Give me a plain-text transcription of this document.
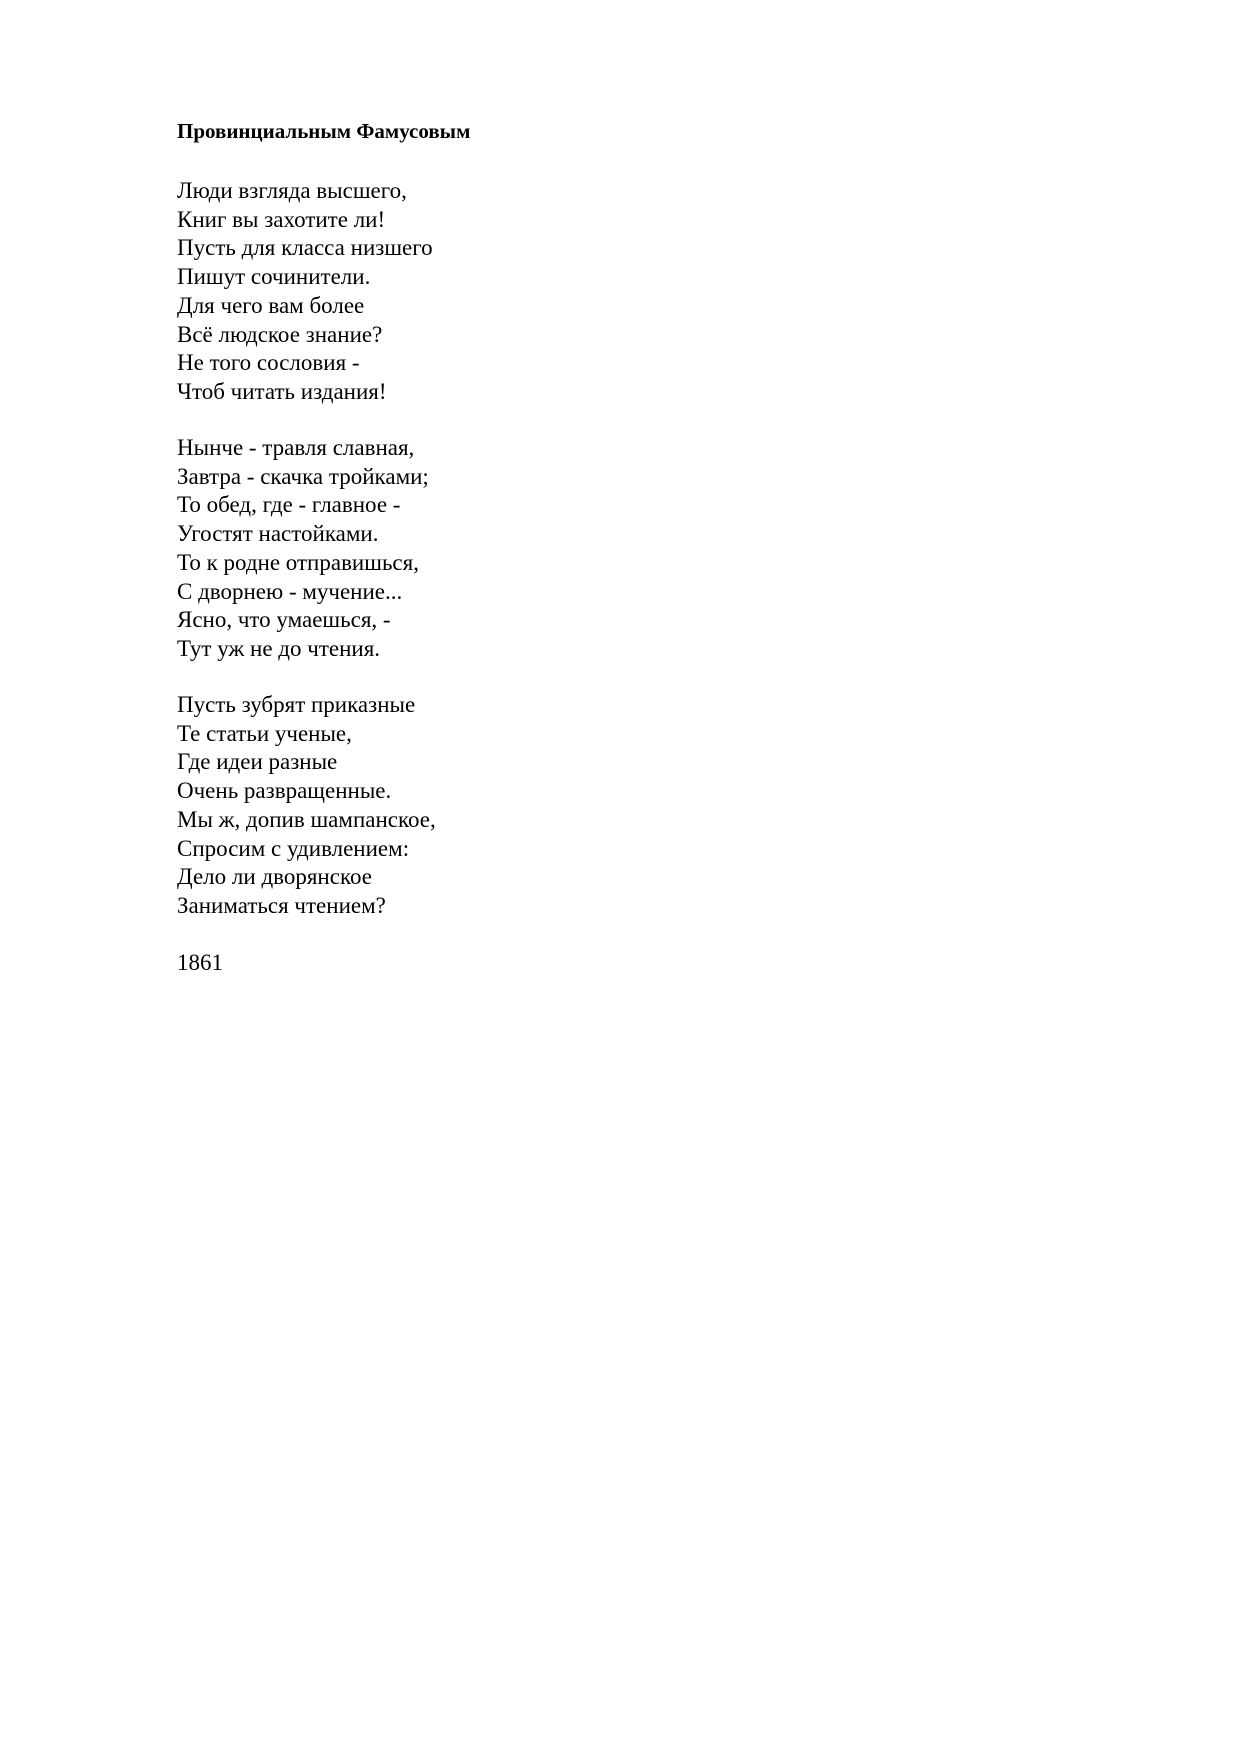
Провинциальным Фамусовым
Люди взгляда высшего,
Книг вы захотите ли!
Пусть для класса низшего
Пишут сочинители.
Для чего вам более
Всё людское знание?
Не того сословия -
Чтоб читать издания!
Нынче - травля славная,
Завтра - скачка тройками;
То обед, где - главное -
Угостят настойками.
То к родне отправишься,
С дворнею - мучение...
Ясно, что умаешься, -
Тут уж не до чтения.
Пусть зубрят приказные
Те статьи ученые,
Где идеи разные
Очень развращенные.
Мы ж, допив шампанское,
Спросим с удивлением:
Дело ли дворянское
Заниматься чтением?

1861
